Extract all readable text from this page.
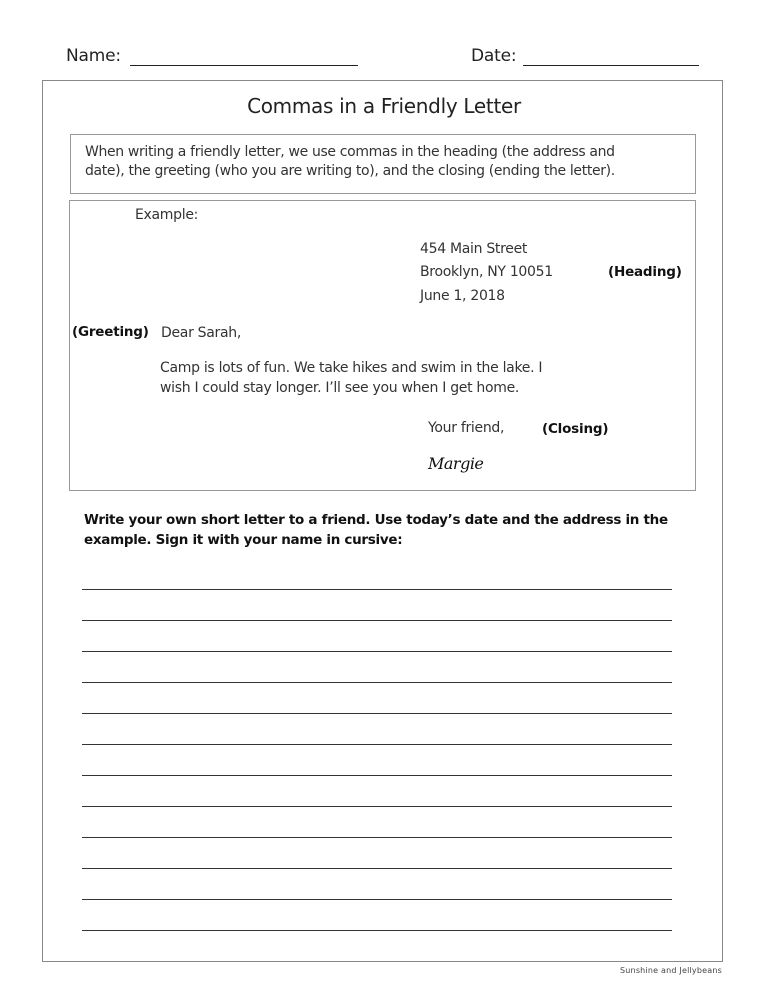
Name:	Date:
Commas in a Friendly Letter
When writing a friendly letter, we use commas in the heading (the address and
date), the greeting (who you are writing to), and the closing (ending the letter).
Example:
454 Main Street
Brooklyn, NY 10051
June 1, 2018
(Heading)
(Greeting) Dear Sarah,
Camp is lots of fun. We take hikes and swim in the lake. I
wish I could stay longer. I’ll see you when I get home.
Your friend,	(Closing)
Margie
Write your own short letter to a friend. Use today’s date and the address in the
example. Sign it with your name in cursive:
Sunshine and Jellybeans
